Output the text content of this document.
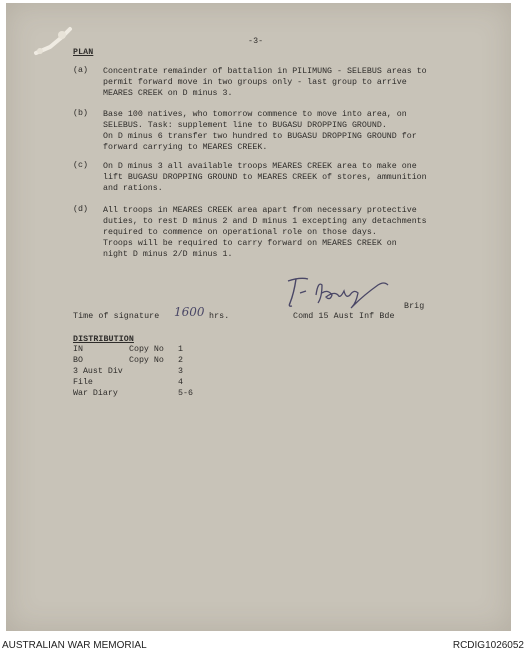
-3-
PLAN
(a) Concentrate remainder of battalion in PILIMUNG - SELEBUS areas to
permit forward move in two groups only - last group to arrive
MEARES CREEK on D minus 3.
(b) Base 100 natives, who tomorrow commence to move into area, on
SELEBUS. Task: supplement line to BUGASU DROPPING GROUND.
On D minus 6 transfer two hundred to BUGASU DROPPING GROUND for
forward carrying to MEARES CREEK.
(c) On D minus 3 all available troops MEARES CREEK area to make one
lift BUGASU DROPPING GROUND to MEARES CREEK of stores, ammunition
and rations.
(d) All troops in MEARES CREEK area apart from necessary protective
duties, to rest D minus 2 and D minus 1 excepting any detachments
required to commence on operational role on those days.
Troops will be required to carry forward on MEARES CREEK on
night D minus 2/D minus 1.
Brig
Time of signature 1600 hrs.	Comd 15 Aust Inf Bde
DISTRIBUTION
IN	Copy No 1
BO	Copy No 2
3 Aust Div	3
File	4
War Diary	5-6
AUSTRALIAN WAR MEMORIAL	RCDIG1026052
